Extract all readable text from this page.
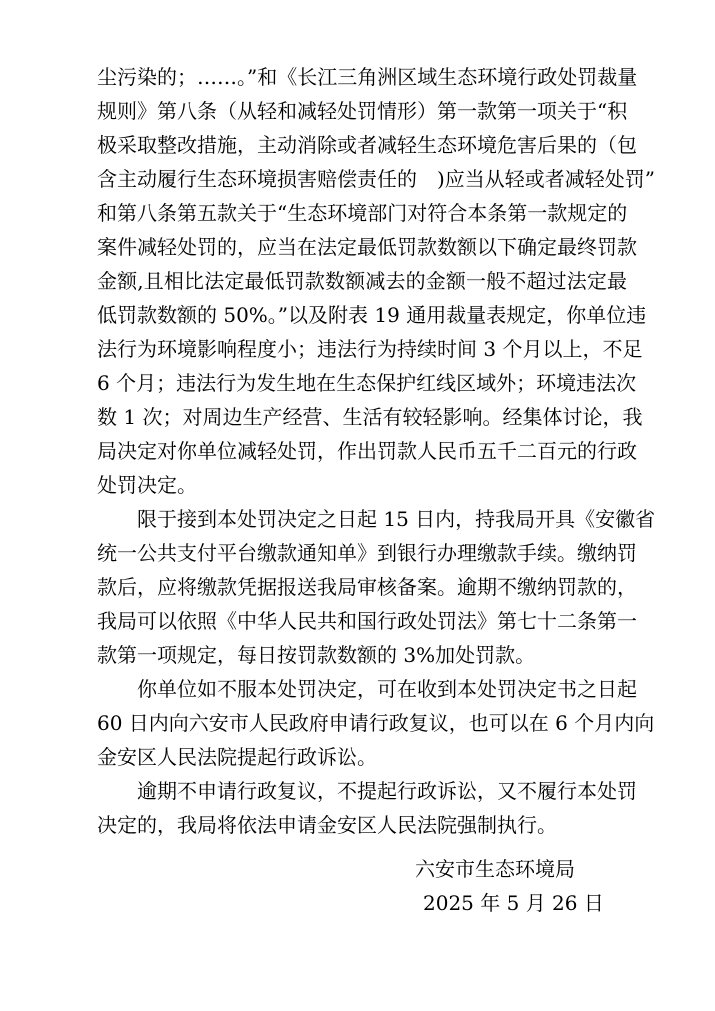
尘污染的；……。”和《长江三角洲区域生态环境行政处罚裁量
规则》第八条（从轻和减轻处罚情形）第一款第一项关于“积
极采取整改措施，主动消除或者减轻生态环境危害后果的（包
含主动履行生态环境损害赔偿责任的　)应当从轻或者减轻处罚”
和第八条第五款关于“生态环境部门对符合本条第一款规定的
案件减轻处罚的，应当在法定最低罚款数额以下确定最终罚款
金额,且相比法定最低罚款数额减去的金额一般不超过法定最
低罚款数额的 50%。”以及附表 19 通用裁量表规定，你单位违
法行为环境影响程度小；违法行为持续时间 3 个月以上，不足
6 个月；违法行为发生地在生态保护红线区域外；环境违法次
数 1 次；对周边生产经营、生活有较轻影响。经集体讨论，我
局决定对你单位减轻处罚，作出罚款人民币五千二百元的行政
处罚决定。
　　限于接到本处罚决定之日起 15 日内，持我局开具《安徽省
统一公共支付平台缴款通知单》到银行办理缴款手续。缴纳罚
款后，应将缴款凭据报送我局审核备案。逾期不缴纳罚款的，
我局可以依照《中华人民共和国行政处罚法》第七十二条第一
款第一项规定，每日按罚款数额的 3%加处罚款。
　　你单位如不服本处罚决定，可在收到本处罚决定书之日起
60 日内向六安市人民政府申请行政复议，也可以在 6 个月内向
金安区人民法院提起行政诉讼。
　　逾期不申请行政复议，不提起行政诉讼，又不履行本处罚
决定的，我局将依法申请金安区人民法院强制执行。
六安市生态环境局
2025 年 5 月 26 日
